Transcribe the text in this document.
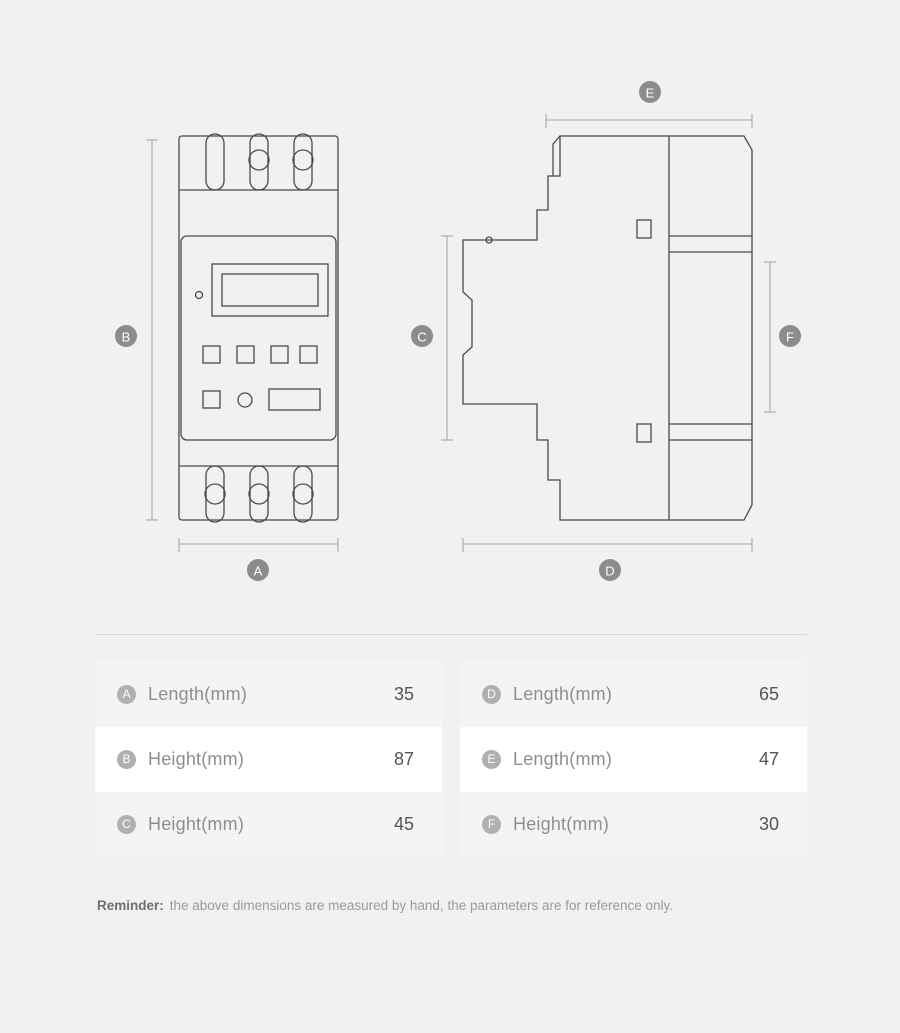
B
A
E
C	F
D
A Length(mm)	35
B Height(mm)	87
C Height(mm)	45
D Length(mm)	65
E Length(mm)	47
F Height(mm)	30
Reminder: the above dimensions are measured by hand, the parameters are for reference only.
